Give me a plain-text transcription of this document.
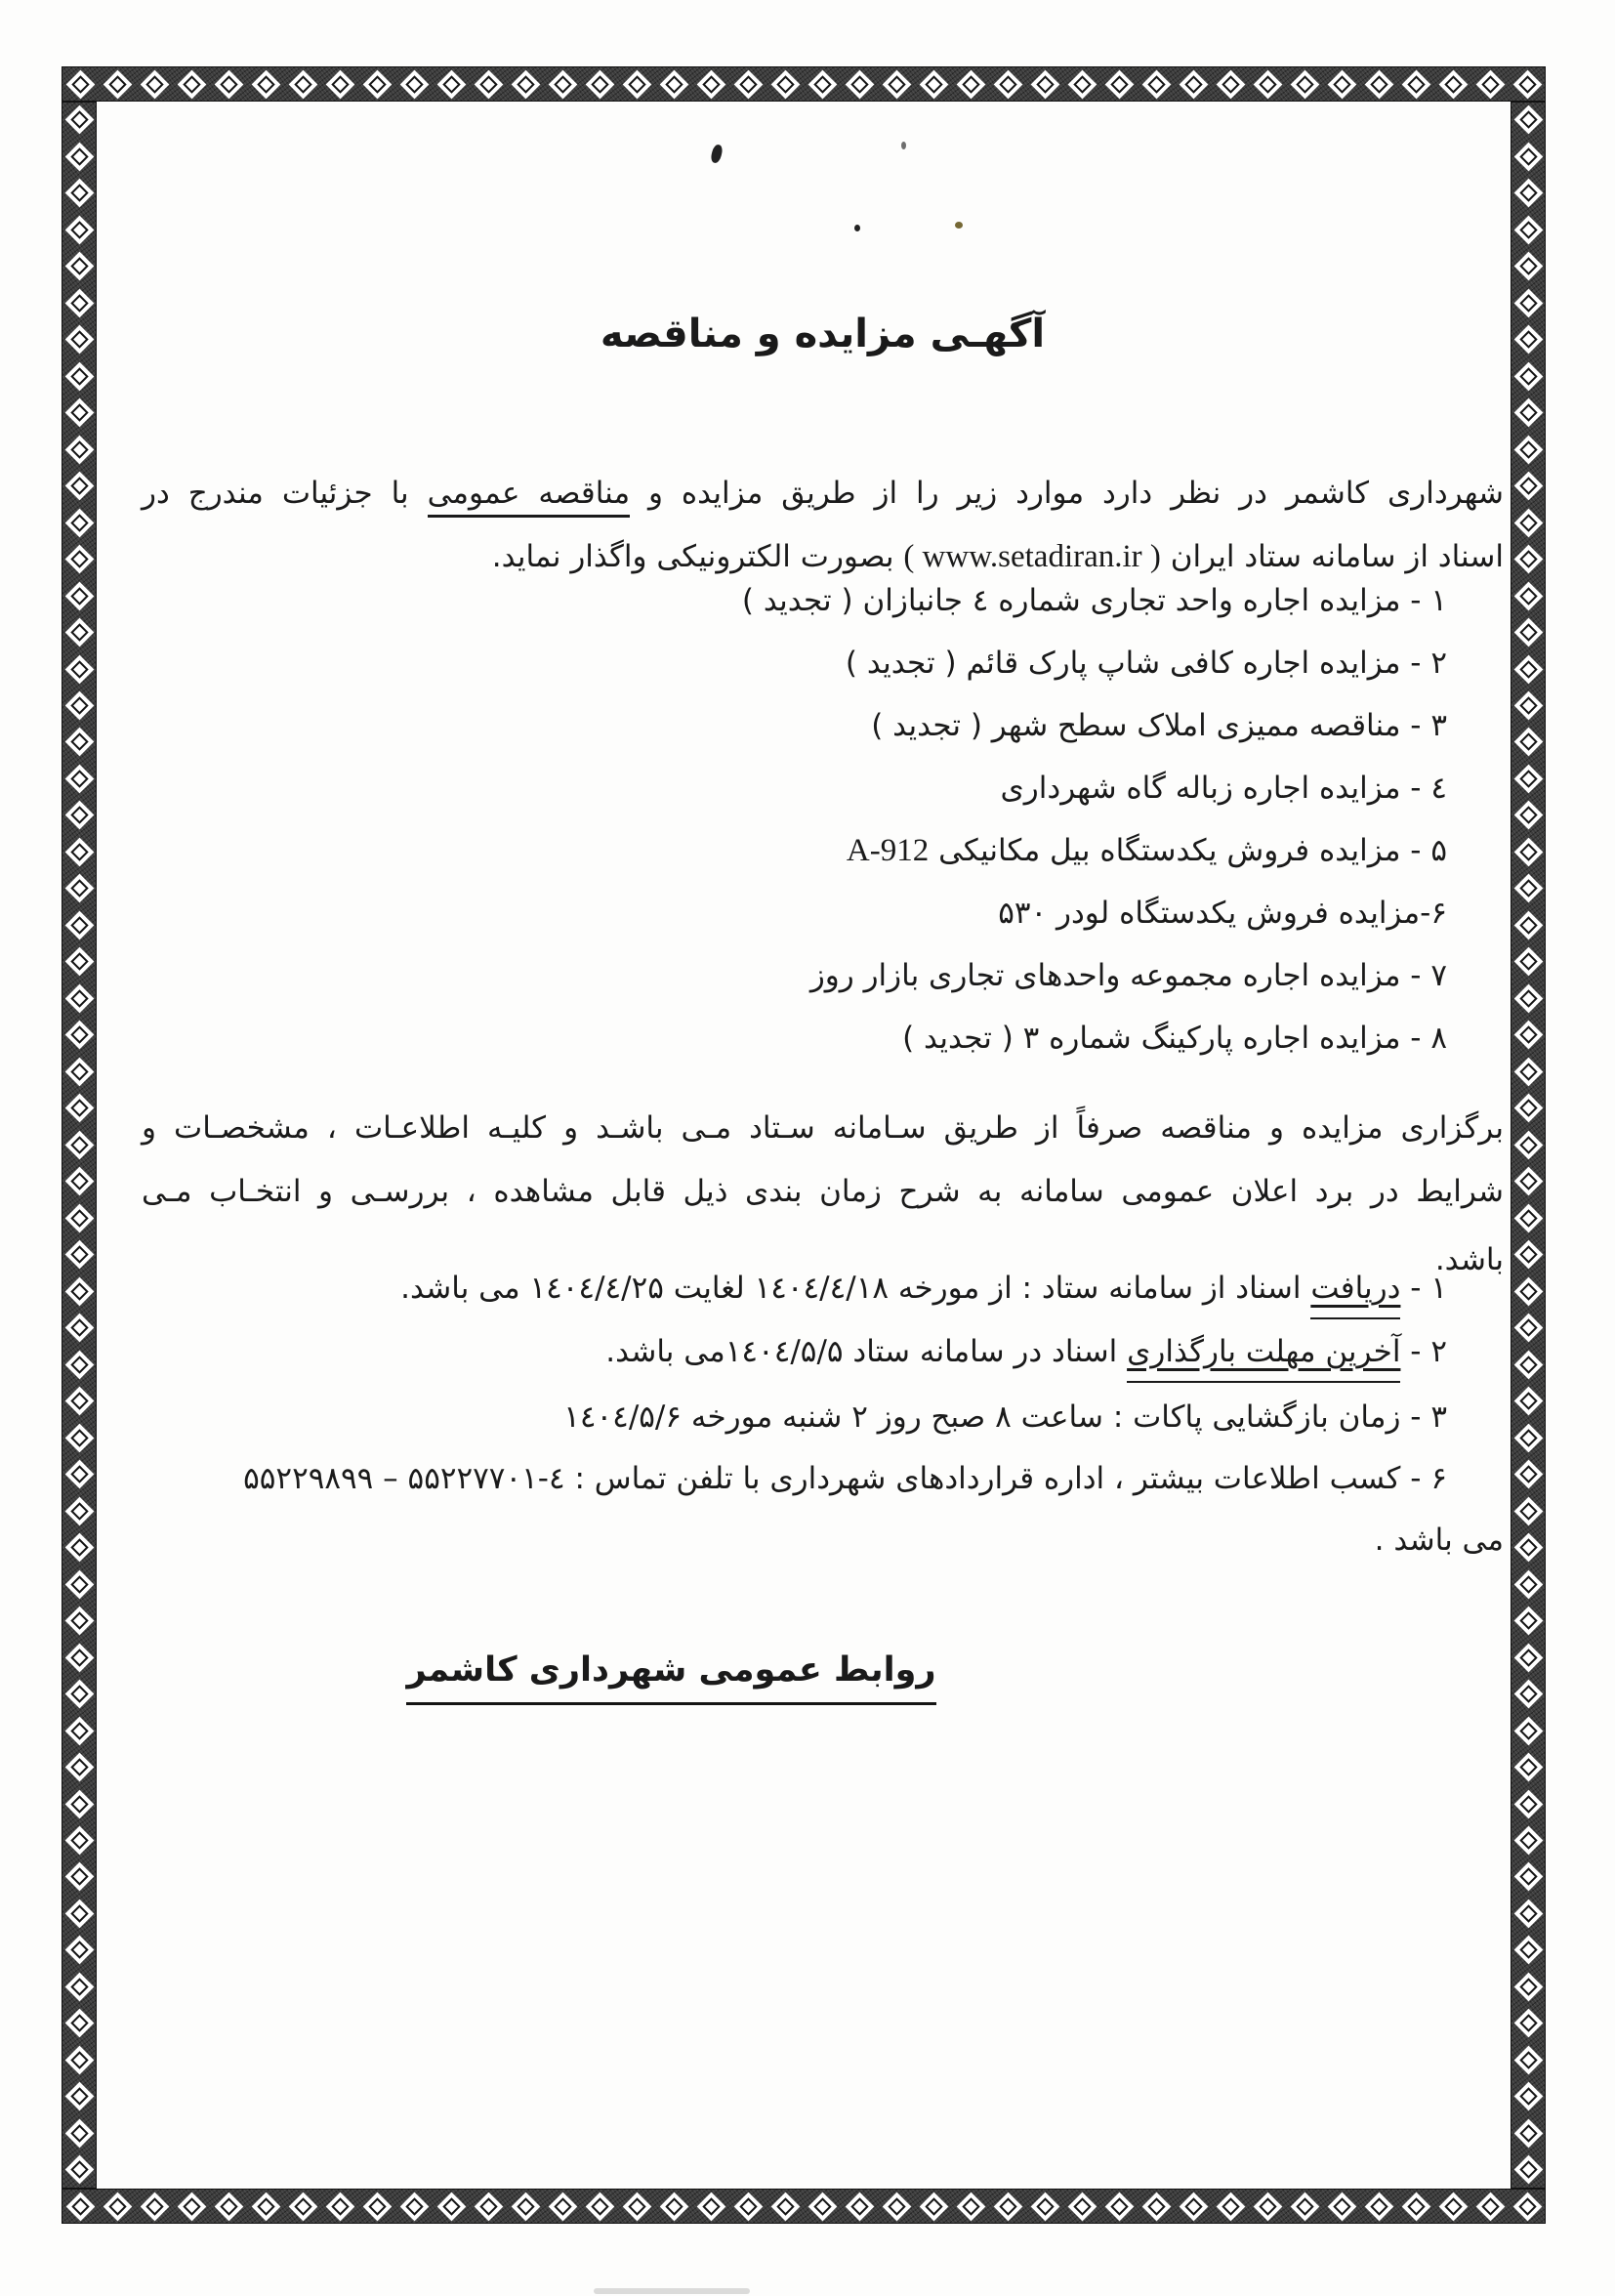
آگهـی مزایده و مناقصه

شهرداری کاشمر در نظر دارد موارد زیر را از طریق مزایده و مناقصه عمومی با جزئیات مندرج در

اسناد از سامانه ستاد ایران ( www.setadiran.ir ) بصورت الکترونیکی واگذار نماید.

۱ - مزایده اجاره واحد تجاری شماره ٤ جانبازان ( تجدید )
۲ - مزایده اجاره کافی شاپ پارک قائم ( تجدید )
۳ - مناقصه ممیزی املاک سطح شهر ( تجدید )
٤ - مزایده اجاره زباله گاه شهرداری
۵ - مزایده فروش یکدستگاه بیل مکانیکی A-912
۶-مزایده فروش یکدستگاه لودر ۵۳۰
۷ - مزایده اجاره مجموعه واحدهای تجاری بازار روز
۸ - مزایده اجاره پارکینگ شماره ۳ ( تجدید )

برگزاری مزایده و مناقصه صرفاً از طریق سـامانه سـتاد مـی باشـد و کلیـه اطلاعـات ، مشخصـات و

شرایط در برد اعلان عمومی سامانه به شرح زمان بندی ذیل قابل مشاهده ، بررسـی و انتخـاب مـی

باشد.

۱ - دریافت اسناد از سامانه ستاد : از مورخه ۱٤٠٤/٤/۱۸ لغایت ۱٤٠٤/٤/۲۵ می باشد.
۲ - آخرین مهلت بارگذاری اسناد در سامانه ستاد ۱٤٠٤/۵/۵می باشد.
۳ - زمان بازگشایی پاکات : ساعت ۸ صبح روز ۲ شنبه مورخه ۱٤٠٤/۵/۶
۶ - کسب اطلاعات بیشتر ، اداره قراردادهای شهرداری با تلفن تماس : ٤-۵۵۲۲۷۷۰۱ – ۵۵۲۲۹۸۹۹
می باشد .
روابط عمومی شهرداری کاشمر
